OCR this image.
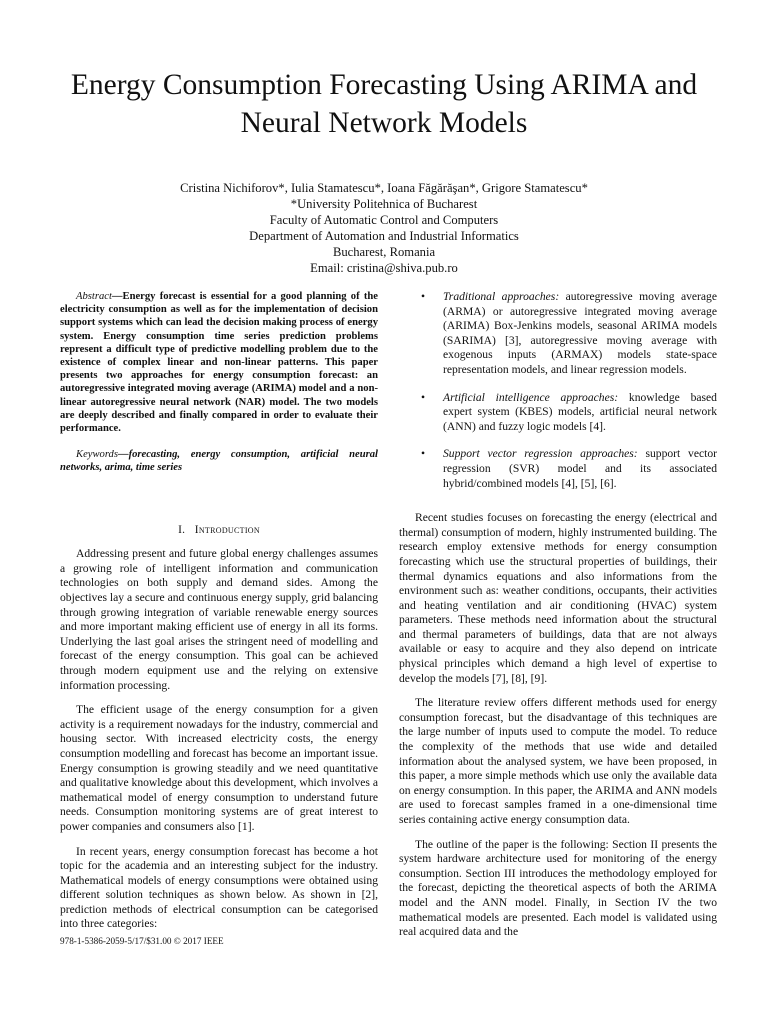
Energy Consumption Forecasting Using ARIMA and
Neural Network Models
Cristina Nichiforov*, Iulia Stamatescu*, Ioana Făgărăşan*, Grigore Stamatescu*
*University Politehnica of Bucharest
Faculty of Automatic Control and Computers
Department of Automation and Industrial Informatics
Bucharest, Romania
Email: cristina@shiva.pub.ro

Abstract—Energy forecast is essential for a good planning of the electricity consumption as well as for the implementation of decision support systems which can lead the decision making process of energy system. Energy consumption time series prediction problems represent a difficult type of predictive modelling problem due to the existence of complex linear and non-linear patterns. This paper presents two approaches for energy consumption forecast: an autoregressive integrated moving average (ARIMA) model and a non-linear autoregressive neural network (NAR) model. The two models are deeply described and finally compared in order to evaluate their performance.

Keywords—forecasting, energy consumption, artificial neural networks, arima, time series

I. Introduction

Addressing present and future global energy challenges assumes a growing role of intelligent information and communication technologies on both supply and demand sides. Among the objectives lay a secure and continuous energy supply, grid balancing through growing integration of variable renewable energy sources and more important making efficient use of energy in all its forms. Underlying the last goal arises the stringent need of modelling and forecast of the energy consumption. This goal can be achieved through modern equipment use and the relying on extensive information processing.

The efficient usage of the energy consumption for a given activity is a requirement nowadays for the industry, commercial and housing sector. With increased electricity costs, the energy consumption modelling and forecast has become an important issue. Energy consumption is growing steadily and we need quantitative and qualitative knowledge about this development, which involves a mathematical model of energy consumption to understand future needs. Consumption monitoring systems are of great interest to power companies and consumers also [1].

In recent years, energy consumption forecast has become a hot topic for the academia and an interesting subject for the industry. Mathematical models of energy consumptions were obtained using different solution techniques as shown below. As shown in [2], prediction methods of electrical consumption can be categorised into three categories:

• Traditional approaches: autoregressive moving average (ARMA) or autoregressive integrated moving average (ARIMA) Box-Jenkins models, seasonal ARIMA models (SARIMA) [3], autoregressive moving average with exogenous inputs (ARMAX) models state-space representation models, and linear regression models.
• Artificial intelligence approaches: knowledge based expert system (KBES) models, artificial neural network (ANN) and fuzzy logic models [4].
• Support vector regression approaches: support vector regression (SVR) model and its associated hybrid/combined models [4], [5], [6].

Recent studies focuses on forecasting the energy (electrical and thermal) consumption of modern, highly instrumented building. The research employ extensive methods for energy consumption forecasting which use the structural properties of buildings, their thermal dynamics equations and also informations from the environment such as: weather conditions, occupants, their activities and heating ventilation and air conditioning (HVAC) system parameters. These methods need information about the structural and thermal parameters of buildings, data that are not always available or easy to acquire and they also depend on intricate physical principles which demand a high level of expertise to develop the models [7], [8], [9].

The literature review offers different methods used for energy consumption forecast, but the disadvantage of this techniques are the large number of inputs used to compute the model. To reduce the complexity of the methods that use wide and detailed information about the analysed system, we have been proposed, in this paper, a more simple methods which use only the available data on energy consumption. In this paper, the ARIMA and ANN models are used to forecast samples framed in a one-dimensional time series containing active energy consumption data.

The outline of the paper is the following: Section II presents the system hardware architecture used for monitoring of the energy consumption. Section III introduces the methodology employed for the forecast, depicting the theoretical aspects of both the ARIMA model and the ANN model. Finally, in Section IV the two mathematical models are presented. Each model is validated using real acquired data and the

978-1-5386-2059-5/17/$31.00 © 2017 IEEE
